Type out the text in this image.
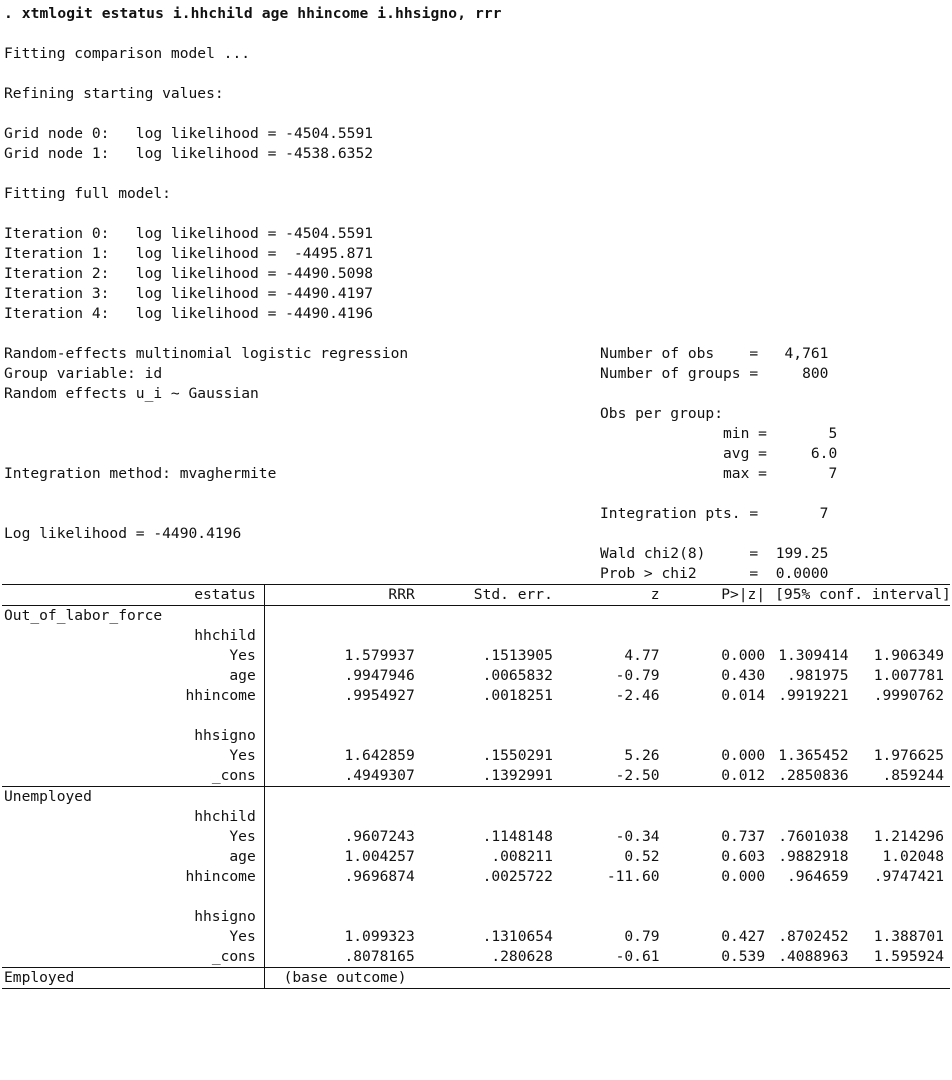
. xtmlogit estatus i.hhchild age hhincome i.hhsigno, rrr
Fitting comparison model ...
Refining starting values:
Grid node 0:   log likelihood = -4504.5591
Grid node 1:   log likelihood = -4538.6352
Fitting full model:
Iteration 0:   log likelihood = -4504.5591
Iteration 1:   log likelihood =  -4495.871
Iteration 2:   log likelihood = -4490.5098
Iteration 3:   log likelihood = -4490.4197
Iteration 4:   log likelihood = -4490.4196
Random-effects multinomial logistic regression
Group variable: id
Random effects u_i ~ Gaussian

Integration method: mvaghermite

Log likelihood = -4490.4196
Number of obs    =   4,761
Number of groups =     800

Obs per group:
min =       5
avg =     6.0
max =       7

Integration pts. =       7

Wald chi2(8)     =  199.25
Prob > chi2      =  0.0000
estatus		RRR	Std. err.	z	P>|z|	[95% conf. interval]	
Out_of_labor_force							
hhchild							
Yes		1.579937	.1513905	4.77	0.000	1.309414	1.906349
age		.9947946	.0065832	-0.79	0.430	.981975	1.007781
hhincome		.9954927	.0018251	-2.46	0.014	.9919221	.9990762

hhsigno							
Yes		1.642859	.1550291	5.26	0.000	1.365452	1.976625
_cons		.4949307	.1392991	-2.50	0.012	.2850836	.859244
Unemployed							
hhchild							
Yes		.9607243	.1148148	-0.34	0.737	.7601038	1.214296
age		1.004257	.008211	0.52	0.603	.9882918	1.02048
hhincome		.9696874	.0025722	-11.60	0.000	.964659	.9747421

hhsigno							
Yes		1.099323	.1310654	0.79	0.427	.8702452	1.388701
_cons		.8078165	.280628	-0.61	0.539	.4088963	1.595924
Employed		(base outcome)					
